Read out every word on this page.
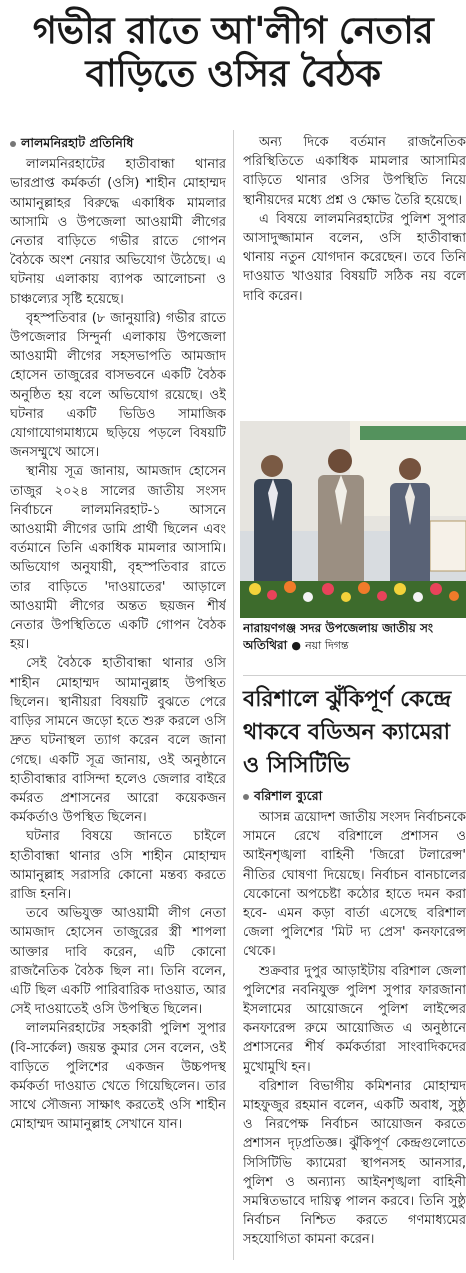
গভীর রাতে আ'লীগ নেতার
বাড়িতে ওসির বৈঠক
লালমনিরহাট প্রতিনিধি

লালমনিরহাটের হাতীবান্ধা থানার ভারপ্রাপ্ত কর্মকর্তা (ওসি) শাহীন মোহাম্মদ আমানুল্লাহর বিরুদ্ধে একাধিক মামলার আসামি ও উপজেলা আওয়ামী লীগের নেতার বাড়িতে গভীর রাতে গোপন বৈঠকে অংশ নেয়ার অভিযোগ উঠেছে। এ ঘটনায় এলাকায় ব্যাপক আলোচনা ও চাঞ্চল্যের সৃষ্টি হয়েছে।

বৃহস্পতিবার (৮ জানুয়ারি) গভীর রাতে উপজেলার সিন্দুর্না এলাকায় উপজেলা আওয়ামী লীগের সহসভাপতি আমজাদ হোসেন তাজুরের বাসভবনে একটি বৈঠক অনুষ্ঠিত হয় বলে অভিযোগ রয়েছে। ওই ঘটনার একটি ভিডিও সামাজিক যোগাযোগমাধ্যমে ছড়িয়ে পড়লে বিষয়টি জনসম্মুখে আসে।

স্থানীয় সূত্র জানায়, আমজাদ হোসেন তাজুর ২০২৪ সালের জাতীয় সংসদ নির্বাচনে লালমনিরহাট-১ আসনে আওয়ামী লীগের ডামি প্রার্থী ছিলেন এবং বর্তমানে তিনি একাধিক মামলার আসামি। অভিযোগ অনুযায়ী, বৃহস্পতিবার রাতে তার বাড়িতে 'দাওয়াতের' আড়ালে আওয়ামী লীগের অন্তত ছয়জন শীর্ষ নেতার উপস্থিতিতে একটি গোপন বৈঠক হয়।

সেই বৈঠকে হাতীবান্ধা থানার ওসি শাহীন মোহাম্মদ আমানুল্লাহ উপস্থিত ছিলেন। স্থানীয়রা বিষয়টি বুঝতে পেরে বাড়ির সামনে জড়ো হতে শুরু করলে ওসি দ্রুত ঘটনাস্থল ত্যাগ করেন বলে জানা গেছে। একটি সূত্র জানায়, ওই অনুষ্ঠানে হাতীবান্ধার বাসিন্দা হলেও জেলার বাইরে কর্মরত প্রশাসনের আরো কয়েকজন কর্মকর্তাও উপস্থিত ছিলেন।

ঘটনার বিষয়ে জানতে চাইলে হাতীবান্ধা থানার ওসি শাহীন মোহাম্মদ আমানুল্লাহ সরাসরি কোনো মন্তব্য করতে রাজি হননি।

তবে অভিযুক্ত আওয়ামী লীগ নেতা আমজাদ হোসেন তাজুরের স্ত্রী শাপলা আক্তার দাবি করেন, এটি কোনো রাজনৈতিক বৈঠক ছিল না। তিনি বলেন, এটি ছিল একটি পারিবারিক দাওয়াত, আর সেই দাওয়াতেই ওসি উপস্থিত ছিলেন।

লালমনিরহাটের সহকারী পুলিশ সুপার (বি-সার্কেল) জয়ন্ত কুমার সেন বলেন, ওই বাড়িতে পুলিশের একজন উচ্চপদস্থ কর্মকর্তা দাওয়াত খেতে গিয়েছিলেন। তার সাথে সৌজন্য সাক্ষাৎ করতেই ওসি শাহীন মোহাম্মদ আমানুল্লাহ সেখানে যান।

অন্য দিকে বর্তমান রাজনৈতিক পরিস্থিতিতে একাধিক মামলার আসামির বাড়িতে থানার ওসির উপস্থিতি নিয়ে স্থানীয়দের মধ্যে প্রশ্ন ও ক্ষোভ তৈরি হয়েছে।

এ বিষয়ে লালমনিরহাটের পুলিশ সুপার আসাদুজ্জামান বলেন, ওসি হাতীবান্ধা থানায় নতুন যোগদান করেছেন। তবে তিনি দাওয়াত খাওয়ার বিষয়টি সঠিক নয় বলে দাবি করেন।

নারায়ণগঞ্জ সদর উপজেলায় জাতীয় সং
অতিথিরা ● নয়া দিগন্ত
বরিশালে ঝুঁকিপূর্ণ কেন্দ্রে থাকবে বডিঅন ক্যামেরা ও সিসিটিভি
বরিশাল ব্যুরো

আসন্ন ত্রয়োদশ জাতীয় সংসদ নির্বাচনকে সামনে রেখে বরিশালে প্রশাসন ও আইনশৃঙ্খলা বাহিনী 'জিরো টলারেন্স' নীতির ঘোষণা দিয়েছে। নির্বাচন বানচালের যেকোনো অপচেষ্টা কঠোর হাতে দমন করা হবে- এমন কড়া বার্তা এসেছে বরিশাল জেলা পুলিশের 'মিট দ্য প্রেস' কনফারেন্স থেকে।

শুক্রবার দুপুর আড়াইটায় বরিশাল জেলা পুলিশের নবনিযুক্ত পুলিশ সুপার ফারজানা ইসলামের আয়োজনে পুলিশ লাইন্সের কনফারেন্স রুমে আয়োজিত এ অনুষ্ঠানে প্রশাসনের শীর্ষ কর্মকর্তারা সাংবাদিকদের মুখোমুখি হন।

বরিশাল বিভাগীয় কমিশনার মোহাম্মদ মাহফুজুর রহমান বলেন, একটি অবাধ, সুষ্ঠু ও নিরপেক্ষ নির্বাচন আয়োজন করতে প্রশাসন দৃঢ়প্রতিজ্ঞ। ঝুঁকিপূর্ণ কেন্দ্রগুলোতে সিসিটিভি ক্যামেরা স্থাপনসহ আনসার, পুলিশ ও অন্যান্য আইনশৃঙ্খলা বাহিনী সমন্বিতভাবে দায়িত্ব পালন করবে। তিনি সুষ্ঠু নির্বাচন নিশ্চিত করতে গণমাধ্যমের সহযোগিতা কামনা করেন।
